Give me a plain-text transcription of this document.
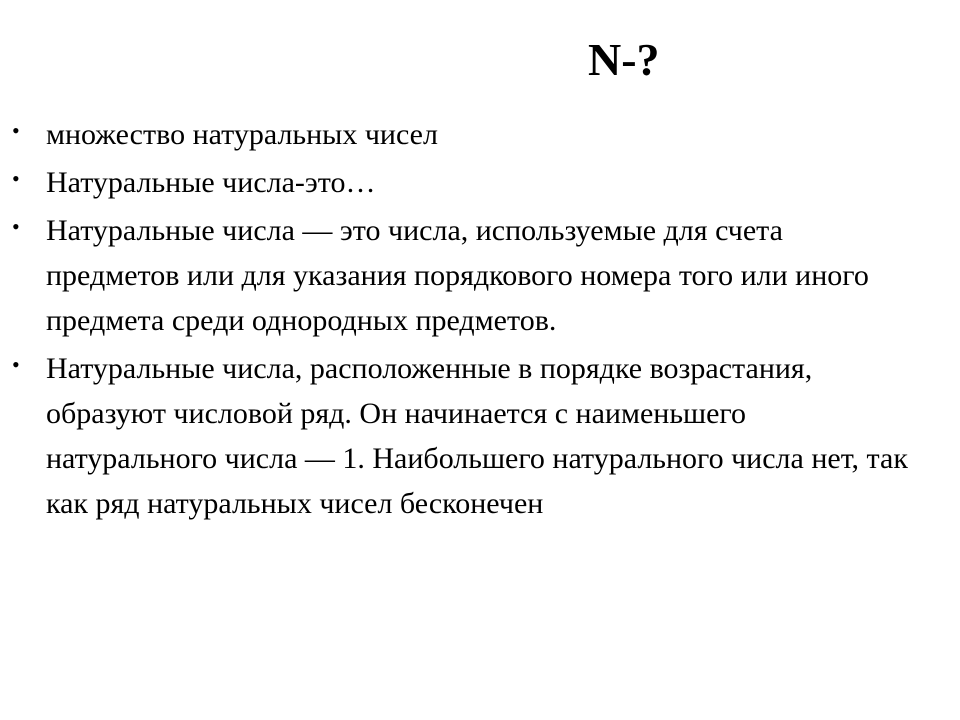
N-?
• множество натуральных чисел
• Натуральные числа-это…
• Натуральные числа — это числа, используемые для счета предметов или для указания порядкового номера того или иного предмета среди однородных предметов.
• Натуральные числа, расположенные в порядке возрастания, образуют числовой ряд. Он начинается с наименьшего натурального числа — 1. Наибольшего натурального числа нет, так как ряд натуральных чисел бесконечен
